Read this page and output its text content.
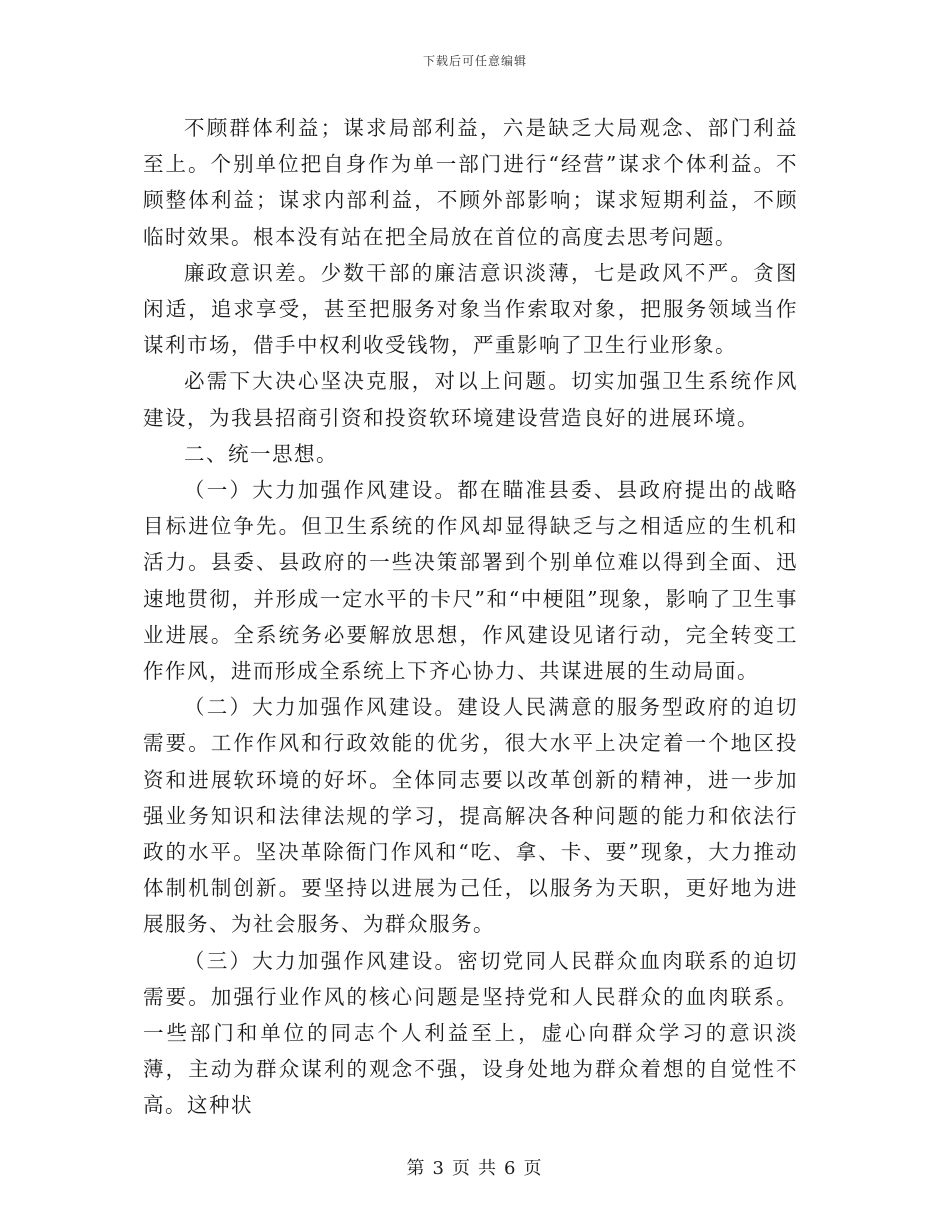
下载后可任意编辑

不顾群体利益；谋求局部利益，六是缺乏大局观念、部门利益至上。个别单位把自身作为单一部门进行“经营”谋求个体利益。不顾整体利益；谋求内部利益，不顾外部影响；谋求短期利益，不顾临时效果。根本没有站在把全局放在首位的高度去思考问题。

廉政意识差。少数干部的廉洁意识淡薄，七是政风不严。贪图闲适，追求享受，甚至把服务对象当作索取对象，把服务领域当作谋利市场，借手中权利收受钱物，严重影响了卫生行业形象。

必需下大决心坚决克服，对以上问题。切实加强卫生系统作风建设，为我县招商引资和投资软环境建设营造良好的进展环境。

二、统一思想。

（一）大力加强作风建设。都在瞄准县委、县政府提出的战略目标进位争先。但卫生系统的作风却显得缺乏与之相适应的生机和活力。县委、县政府的一些决策部署到个别单位难以得到全面、迅速地贯彻，并形成一定水平的卡尺”和“中梗阻”现象，影响了卫生事业进展。全系统务必要解放思想，作风建设见诸行动，完全转变工作作风，进而形成全系统上下齐心协力、共谋进展的生动局面。

（二）大力加强作风建设。建设人民满意的服务型政府的迫切需要。工作作风和行政效能的优劣，很大水平上决定着一个地区投资和进展软环境的好坏。全体同志要以改革创新的精神，进一步加强业务知识和法律法规的学习，提高解决各种问题的能力和依法行政的水平。坚决革除衙门作风和“吃、拿、卡、要”现象，大力推动体制机制创新。要坚持以进展为己任，以服务为天职，更好地为进展服务、为社会服务、为群众服务。

（三）大力加强作风建设。密切党同人民群众血肉联系的迫切需要。加强行业作风的核心问题是坚持党和人民群众的血肉联系。一些部门和单位的同志个人利益至上，虚心向群众学习的意识淡薄，主动为群众谋利的观念不强，设身处地为群众着想的自觉性不高。这种状

第 3 页 共 6 页
